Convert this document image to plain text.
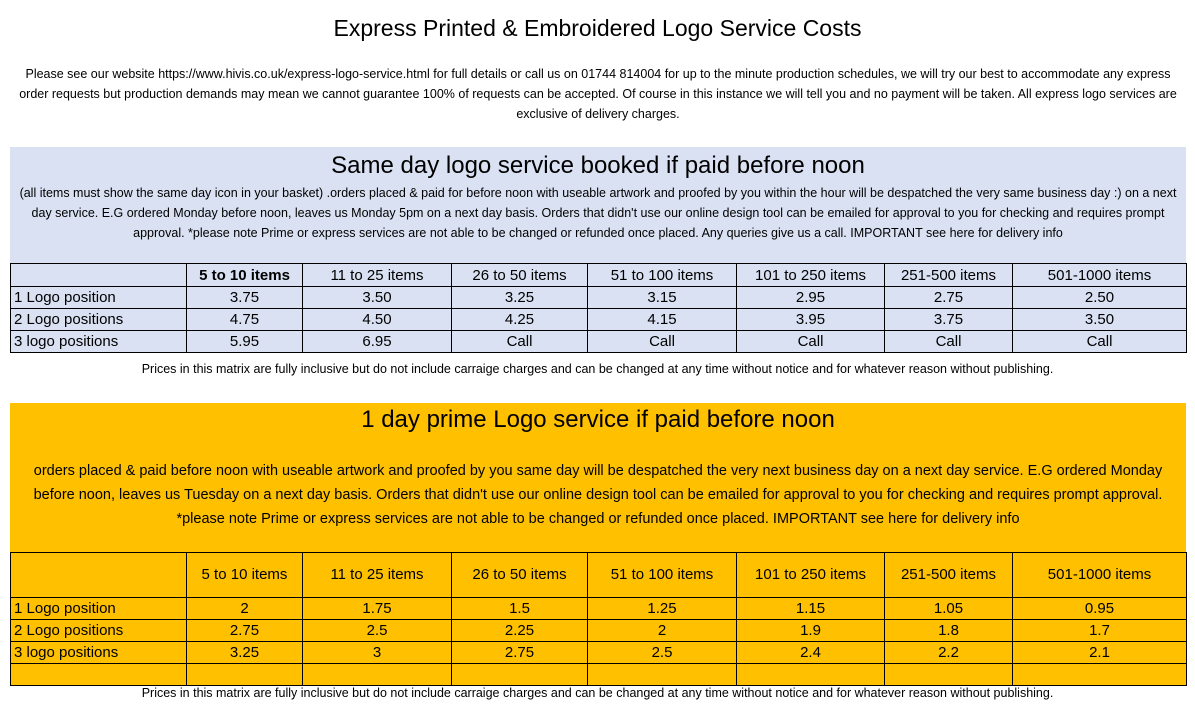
Express Printed & Embroidered Logo Service Costs
Please see our website https://www.hivis.co.uk/express-logo-service.html for full details or call us on 01744 814004 for up to the minute production schedules, we will try our best to accommodate any express order requests but production demands may mean we cannot guarantee 100% of requests can be accepted. Of course in this instance we will tell you and no payment will be taken. All express logo services are exclusive of delivery charges.
Same day logo service booked if paid before noon
(all items must show the same day icon in your basket) .orders placed & paid for before noon with useable artwork and proofed by you within the hour will be despatched the very same business day :) on a next day service. E.G ordered Monday before noon, leaves us Monday 5pm on a next day basis. Orders that didn't use our online design tool can be emailed for approval to you for checking and requires prompt approval. *please note Prime or express services are not able to be changed or refunded once placed. Any queries give us a call. IMPORTANT see here for delivery info
	5 to 10 items	11 to 25 items	26 to 50 items	51 to 100 items	101 to 250 items	251-500 items	501-1000 items
1 Logo position	3.75	3.50	3.25	3.15	2.95	2.75	2.50
2 Logo positions	4.75	4.50	4.25	4.15	3.95	3.75	3.50
3 logo positions	5.95	6.95	Call	Call	Call	Call	Call
Prices in this matrix are fully inclusive but do not include carraige charges and can be changed at any time without notice and for whatever reason without publishing.
1 day prime Logo service if paid before noon
orders placed & paid before noon with useable artwork and proofed by you same day will be despatched the very next business day on a next day service. E.G ordered Monday before noon, leaves us Tuesday on a next day basis. Orders that didn't use our online design tool can be emailed for approval to you for checking and requires prompt approval. *please note Prime or express services are not able to be changed or refunded once placed. IMPORTANT see here for delivery info
	5 to 10 items	11 to 25 items	26 to 50 items	51 to 100 items	101 to 250 items	251-500 items	501-1000 items
1 Logo position	2	1.75	1.5	1.25	1.15	1.05	0.95
2 Logo positions	2.75	2.5	2.25	2	1.9	1.8	1.7
3 logo positions	3.25	3	2.75	2.5	2.4	2.2	2.1

Prices in this matrix are fully inclusive but do not include carraige charges and can be changed at any time without notice and for whatever reason without publishing.
